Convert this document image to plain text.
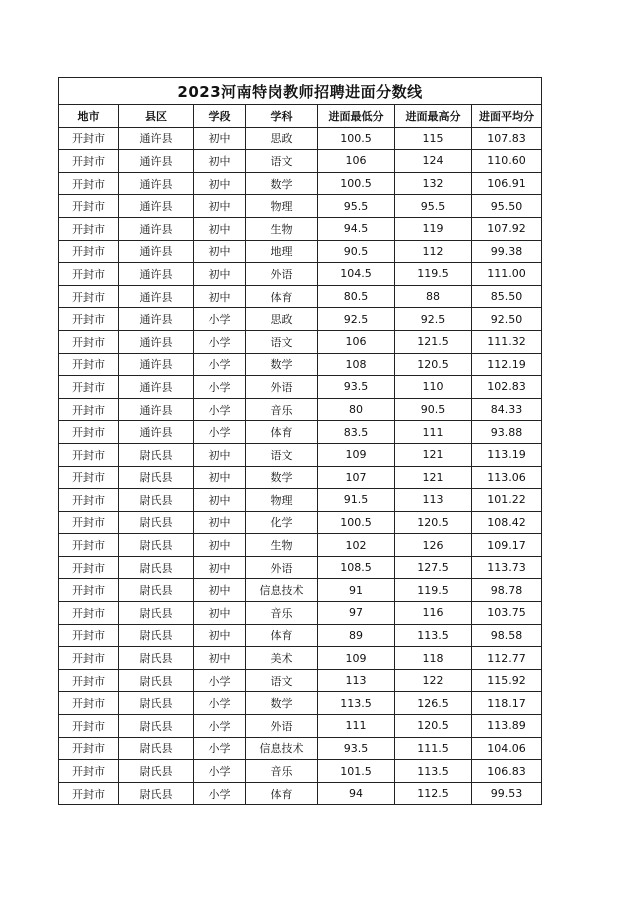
2023河南特岗教师招聘进面分数线						
地市	县区	学段	学科	进面最低分	进面最高分	进面平均分
开封市	通许县	初中	思政	100.5	115	107.83
开封市	通许县	初中	语文	106	124	110.60
开封市	通许县	初中	数学	100.5	132	106.91
开封市	通许县	初中	物理	95.5	95.5	95.50
开封市	通许县	初中	生物	94.5	119	107.92
开封市	通许县	初中	地理	90.5	112	99.38
开封市	通许县	初中	外语	104.5	119.5	111.00
开封市	通许县	初中	体育	80.5	88	85.50
开封市	通许县	小学	思政	92.5	92.5	92.50
开封市	通许县	小学	语文	106	121.5	111.32
开封市	通许县	小学	数学	108	120.5	112.19
开封市	通许县	小学	外语	93.5	110	102.83
开封市	通许县	小学	音乐	80	90.5	84.33
开封市	通许县	小学	体育	83.5	111	93.88
开封市	尉氏县	初中	语文	109	121	113.19
开封市	尉氏县	初中	数学	107	121	113.06
开封市	尉氏县	初中	物理	91.5	113	101.22
开封市	尉氏县	初中	化学	100.5	120.5	108.42
开封市	尉氏县	初中	生物	102	126	109.17
开封市	尉氏县	初中	外语	108.5	127.5	113.73
开封市	尉氏县	初中	信息技术	91	119.5	98.78
开封市	尉氏县	初中	音乐	97	116	103.75
开封市	尉氏县	初中	体育	89	113.5	98.58
开封市	尉氏县	初中	美术	109	118	112.77
开封市	尉氏县	小学	语文	113	122	115.92
开封市	尉氏县	小学	数学	113.5	126.5	118.17
开封市	尉氏县	小学	外语	111	120.5	113.89
开封市	尉氏县	小学	信息技术	93.5	111.5	104.06
开封市	尉氏县	小学	音乐	101.5	113.5	106.83
开封市	尉氏县	小学	体育	94	112.5	99.53
